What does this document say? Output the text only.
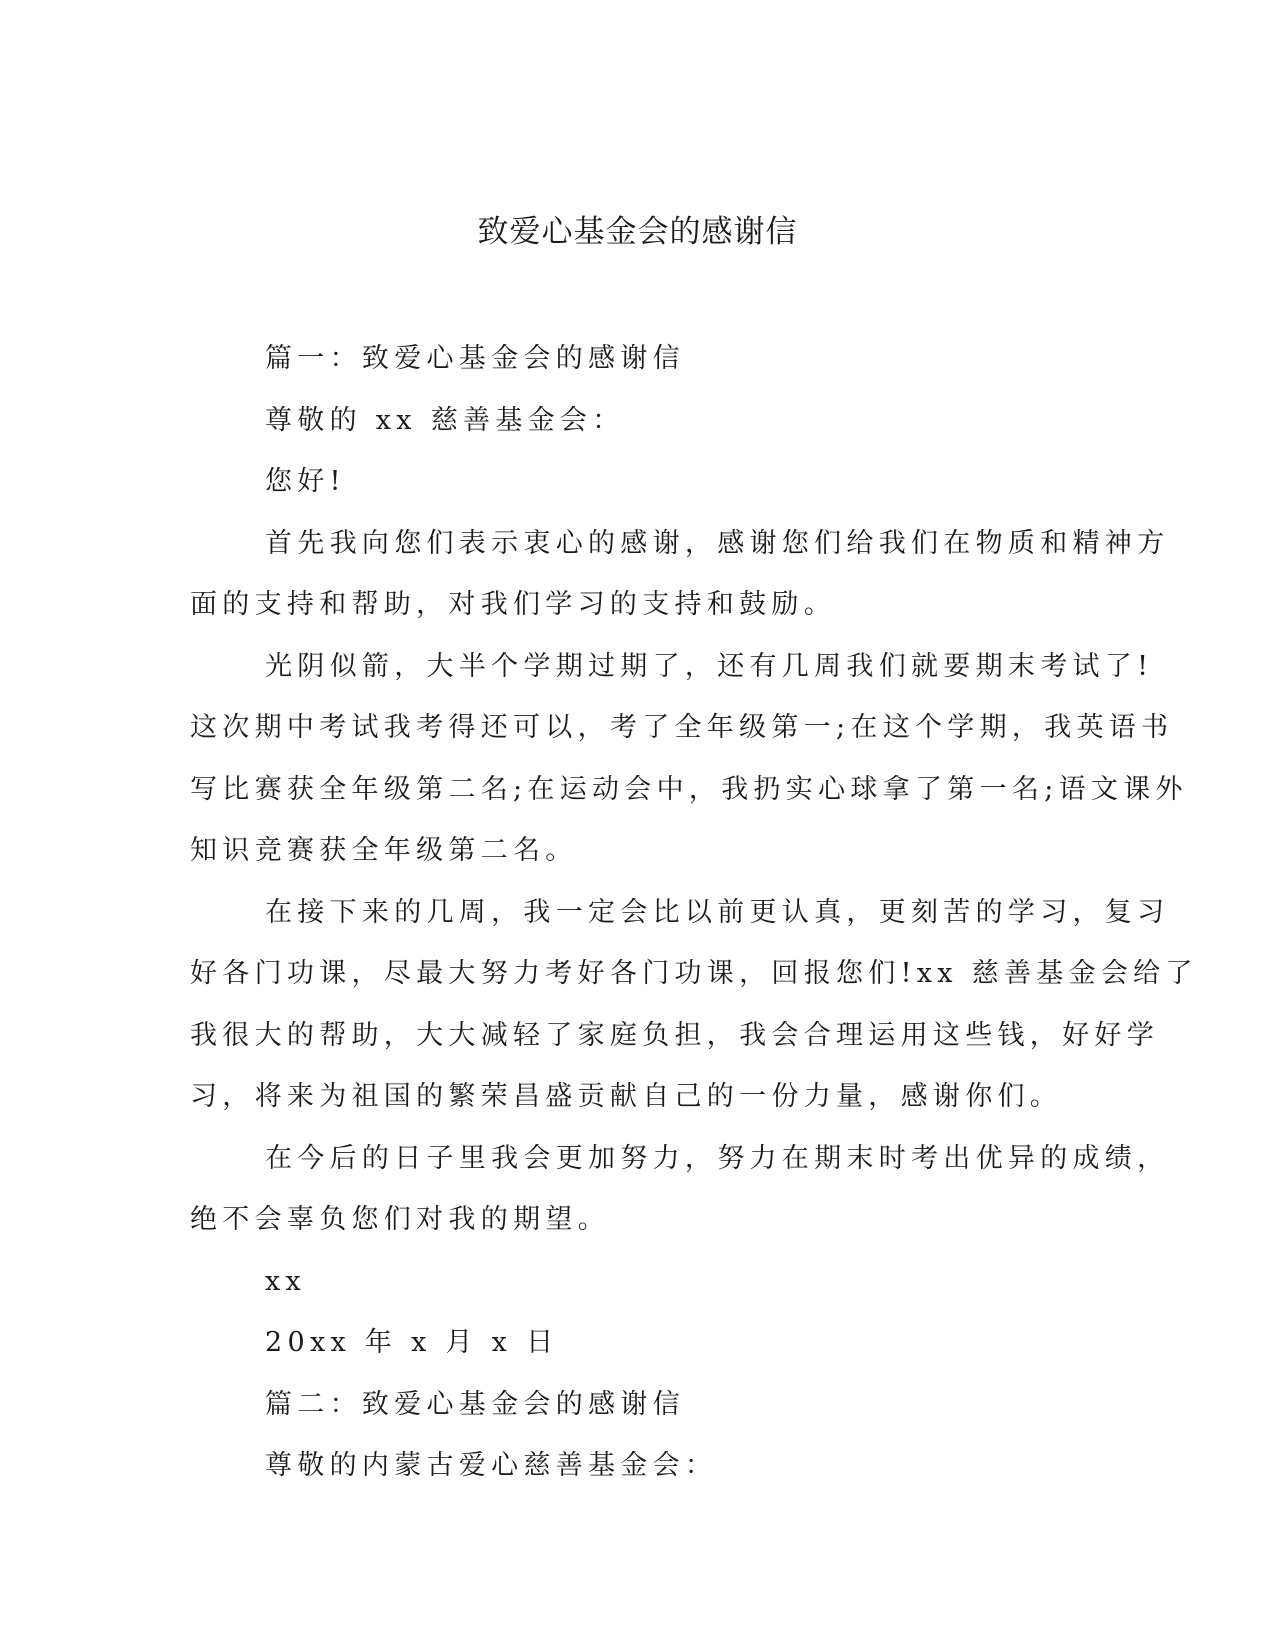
致爱心基金会的感谢信

篇一：致爱心基金会的感谢信

尊敬的 xx 慈善基金会：

您好!

首先我向您们表示衷心的感谢，感谢您们给我们在物质和精神方

面的支持和帮助，对我们学习的支持和鼓励。

光阴似箭，大半个学期过期了，还有几周我们就要期末考试了!

这次期中考试我考得还可以，考了全年级第一;在这个学期，我英语书

写比赛获全年级第二名;在运动会中，我扔实心球拿了第一名;语文课外

知识竞赛获全年级第二名。

在接下来的几周，我一定会比以前更认真，更刻苦的学习，复习

好各门功课，尽最大努力考好各门功课，回报您们!xx 慈善基金会给了

我很大的帮助，大大减轻了家庭负担，我会合理运用这些钱，好好学

习，将来为祖国的繁荣昌盛贡献自己的一份力量，感谢你们。

在今后的日子里我会更加努力，努力在期末时考出优异的成绩，

绝不会辜负您们对我的期望。

xx

20xx 年 x 月 x 日

篇二：致爱心基金会的感谢信

尊敬的内蒙古爱心慈善基金会：
